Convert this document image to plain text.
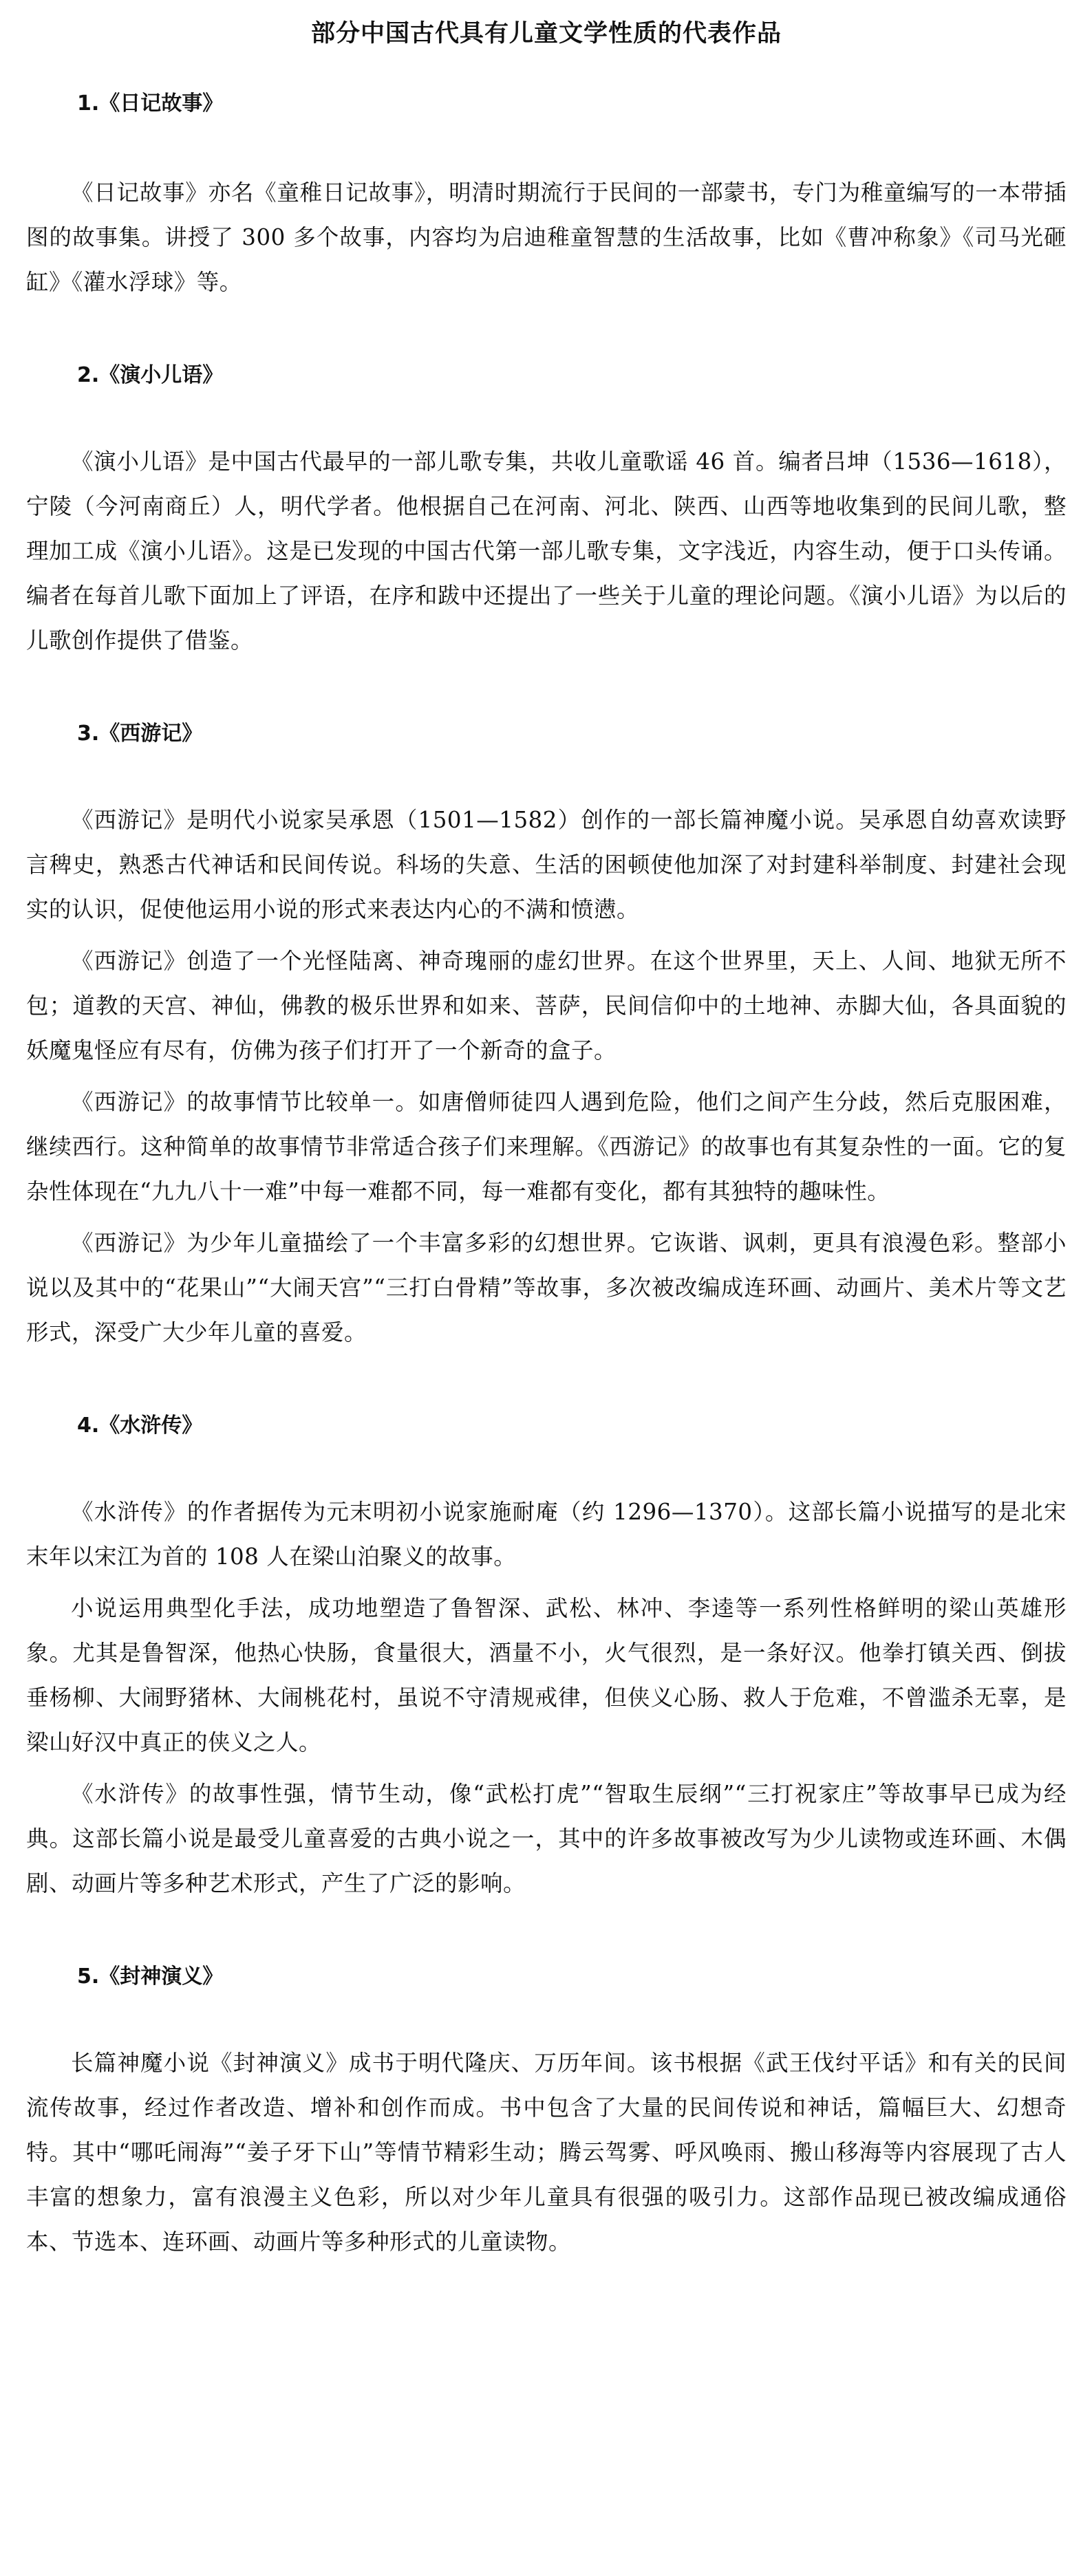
部分中国古代具有儿童文学性质的代表作品
1.《日记故事》

《日记故事》亦名《童稚日记故事》，明清时期流行于民间的一部蒙书，专门为稚童编写的一本带插图的故事集。讲授了 300 多个故事，内容均为启迪稚童智慧的生活故事，比如《曹冲称象》《司马光砸缸》《灌水浮球》等。

2.《演小儿语》

《演小儿语》是中国古代最早的一部儿歌专集，共收儿童歌谣 46 首。编者吕坤（1536—1618），宁陵（今河南商丘）人，明代学者。他根据自己在河南、河北、陕西、山西等地收集到的民间儿歌，整理加工成《演小儿语》。这是已发现的中国古代第一部儿歌专集，文字浅近，内容生动，便于口头传诵。编者在每首儿歌下面加上了评语，在序和跋中还提出了一些关于儿童的理论问题。《演小儿语》为以后的儿歌创作提供了借鉴。

3.《西游记》

《西游记》是明代小说家吴承恩（1501—1582）创作的一部长篇神魔小说。吴承恩自幼喜欢读野言稗史，熟悉古代神话和民间传说。科场的失意、生活的困顿使他加深了对封建科举制度、封建社会现实的认识，促使他运用小说的形式来表达内心的不满和愤懑。

《西游记》创造了一个光怪陆离、神奇瑰丽的虚幻世界。在这个世界里，天上、人间、地狱无所不包；道教的天宫、神仙，佛教的极乐世界和如来、菩萨，民间信仰中的土地神、赤脚大仙，各具面貌的妖魔鬼怪应有尽有，仿佛为孩子们打开了一个新奇的盒子。

《西游记》的故事情节比较单一。如唐僧师徒四人遇到危险，他们之间产生分歧，然后克服困难，继续西行。这种简单的故事情节非常适合孩子们来理解。《西游记》的故事也有其复杂性的一面。它的复杂性体现在“九九八十一难”中每一难都不同，每一难都有变化，都有其独特的趣味性。

《西游记》为少年儿童描绘了一个丰富多彩的幻想世界。它诙谐、讽刺，更具有浪漫色彩。整部小说以及其中的“花果山”“大闹天宫”“三打白骨精”等故事，多次被改编成连环画、动画片、美术片等文艺形式，深受广大少年儿童的喜爱。

4.《水浒传》

《水浒传》的作者据传为元末明初小说家施耐庵（约 1296—1370）。这部长篇小说描写的是北宋末年以宋江为首的 108 人在梁山泊聚义的故事。

小说运用典型化手法，成功地塑造了鲁智深、武松、林冲、李逵等一系列性格鲜明的梁山英雄形象。尤其是鲁智深，他热心快肠，食量很大，酒量不小，火气很烈，是一条好汉。他拳打镇关西、倒拔垂杨柳、大闹野猪林、大闹桃花村，虽说不守清规戒律，但侠义心肠、救人于危难，不曾滥杀无辜，是梁山好汉中真正的侠义之人。

《水浒传》的故事性强，情节生动，像“武松打虎”“智取生辰纲”“三打祝家庄”等故事早已成为经典。这部长篇小说是最受儿童喜爱的古典小说之一，其中的许多故事被改写为少儿读物或连环画、木偶剧、动画片等多种艺术形式，产生了广泛的影响。

5.《封神演义》

长篇神魔小说《封神演义》成书于明代隆庆、万历年间。该书根据《武王伐纣平话》和有关的民间流传故事，经过作者改造、增补和创作而成。书中包含了大量的民间传说和神话，篇幅巨大、幻想奇特。其中“哪吒闹海”“姜子牙下山”等情节精彩生动；腾云驾雾、呼风唤雨、搬山移海等内容展现了古人丰富的想象力，富有浪漫主义色彩，所以对少年儿童具有很强的吸引力。这部作品现已被改编成通俗本、节选本、连环画、动画片等多种形式的儿童读物。
